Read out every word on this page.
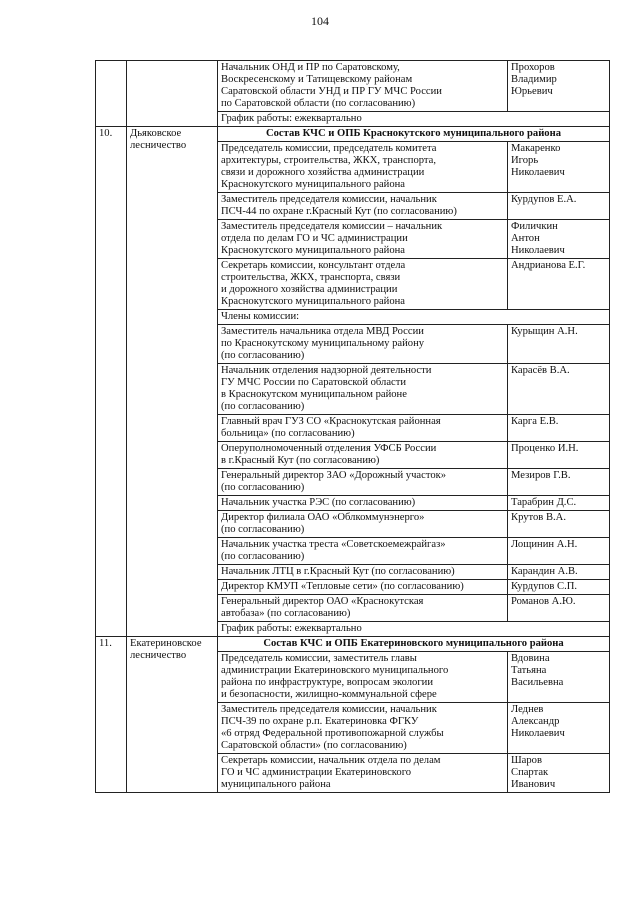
104

		Начальник ОНД и ПР по Саратовскому,
Воскресенскому и Татищевскому районам
Саратовской области УНД и ПР ГУ МЧС России
по Саратовской области (по согласованию)	Прохоров
Владимир
Юрьевич

		График работы: ежеквартально	
10.	Дьяковское
лесничество	Состав КЧС и ОПБ Краснокутского муниципального района	

		Председатель комиссии, председатель комитета
архитектуры, строительства, ЖКХ, транспорта,
связи и дорожного хозяйства администрации
Краснокутского муниципального района	Макаренко
Игорь
Николаевич

		Заместитель председателя комиссии, начальник
ПСЧ-44 по охране г.Красный Кут (по согласованию)	Курдупов Е.А.

		Заместитель председателя комиссии – начальник
отдела по делам ГО и ЧС администрации
Краснокутского муниципального района	Филичкин
Антон
Николаевич

		Секретарь комиссии, консультант отдела
строительства, ЖКХ, транспорта, связи
и дорожного хозяйства администрации
Краснокутского муниципального района	Андрианова Е.Г.

		Члены комиссии:	

		Заместитель начальника отдела МВД России
по Краснокутскому муниципальному району
(по согласованию)	Курыщин А.Н.

		Начальник отделения надзорной деятельности
ГУ МЧС России по Саратовской области
в Краснокутском муниципальном районе
(по согласованию)	Карасёв В.А.

		Главный врач ГУЗ СО «Краснокутская районная
больница» (по согласованию)	Карга Е.В.

		Оперуполномоченный отделения УФСБ России
в г.Красный Кут (по согласованию)	Проценко И.Н.

		Генеральный директор ЗАО «Дорожный участок»
(по согласованию)	Мезиров Г.В.

		Начальник участка РЭС (по согласованию)	Тарабрин Д.С.

		Директор филиала ОАО «Облкоммунэнерго»
(по согласованию)	Крутов В.А.

		Начальник участка треста «Советскоемежрайгаз»
(по согласованию)	Лощинин А.Н.

		Начальник ЛТЦ в г.Красный Кут (по согласованию)	Карандин А.В.

		Директор КМУП «Тепловые сети» (по согласованию)	Курдупов С.П.

		Генеральный директор ОАО «Краснокутская
автобаза» (по согласованию)	Романов А.Ю.

		График работы: ежеквартально	
11.	Екатериновское
лесничество	Состав КЧС и ОПБ Екатериновского муниципального района	

		Председатель комиссии, заместитель главы
администрации Екатериновского муниципального
района по инфраструктуре, вопросам экологии
и безопасности, жилищно-коммунальной сфере	Вдовина
Татьяна
Васильевна

		Заместитель председателя комиссии, начальник
ПСЧ-39 по охране р.п. Екатериновка ФГКУ
«6 отряд Федеральной противопожарной службы
Саратовской области» (по согласованию)	Леднев
Александр
Николаевич

		Секретарь комиссии, начальник отдела по делам
ГО и ЧС администрации Екатериновского
муниципального района	Шаров
Спартак
Иванович
